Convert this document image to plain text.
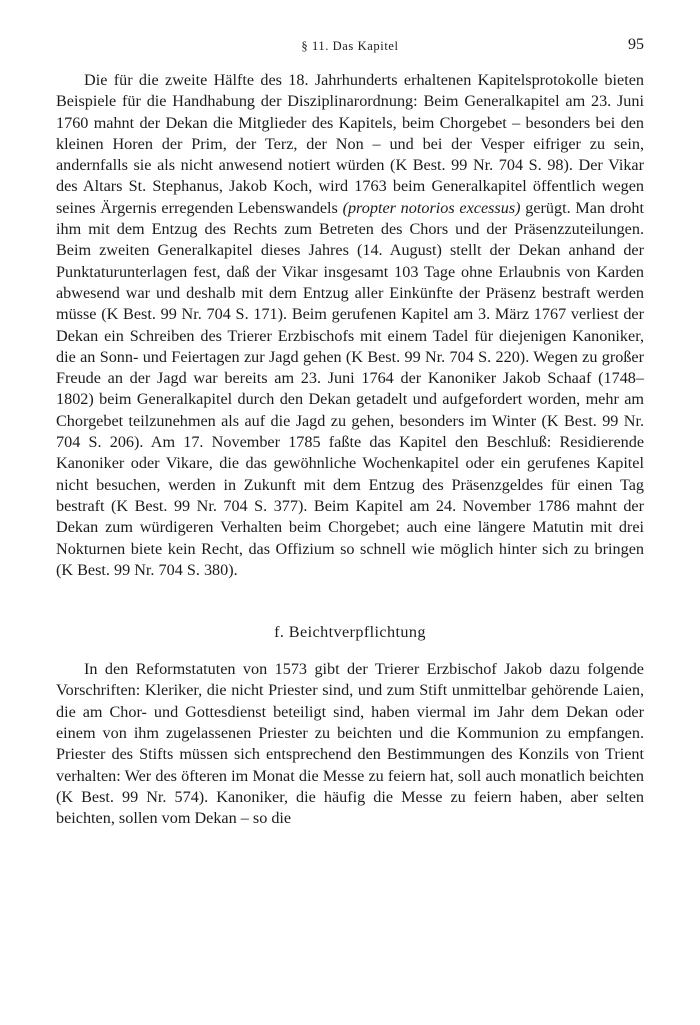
§ 11. Das Kapitel	95

Die für die zweite Hälfte des 18. Jahrhunderts erhaltenen Kapitelsprotokolle bieten Beispiele für die Handhabung der Disziplinarordnung: Beim Generalkapitel am 23. Juni 1760 mahnt der Dekan die Mitglieder des Kapitels, beim Chorgebet – besonders bei den kleinen Horen der Prim, der Terz, der Non – und bei der Vesper eifriger zu sein, andernfalls sie als nicht anwesend notiert würden (K Best. 99 Nr. 704 S. 98). Der Vikar des Altars St. Stephanus, Jakob Koch, wird 1763 beim Generalkapitel öffentlich wegen seines Ärgernis erregenden Lebenswandels (propter notorios excessus) gerügt. Man droht ihm mit dem Entzug des Rechts zum Betreten des Chors und der Präsenzzuteilungen. Beim zweiten Generalkapitel dieses Jahres (14. August) stellt der Dekan anhand der Punktaturunterlagen fest, daß der Vikar insgesamt 103 Tage ohne Erlaubnis von Karden abwesend war und deshalb mit dem Entzug aller Einkünfte der Präsenz bestraft werden müsse (K Best. 99 Nr. 704 S. 171). Beim gerufenen Kapitel am 3. März 1767 verliest der Dekan ein Schreiben des Trierer Erzbischofs mit einem Tadel für diejenigen Kanoniker, die an Sonn- und Feiertagen zur Jagd gehen (K Best. 99 Nr. 704 S. 220). Wegen zu großer Freude an der Jagd war bereits am 23. Juni 1764 der Kanoniker Jakob Schaaf (1748–1802) beim Generalkapitel durch den Dekan getadelt und aufgefordert worden, mehr am Chorgebet teilzunehmen als auf die Jagd zu gehen, besonders im Winter (K Best. 99 Nr. 704 S. 206). Am 17. November 1785 faßte das Kapitel den Beschluß: Residierende Kanoniker oder Vikare, die das gewöhnliche Wochenkapitel oder ein gerufenes Kapitel nicht besuchen, werden in Zukunft mit dem Entzug des Präsenzgeldes für einen Tag bestraft (K Best. 99 Nr. 704 S. 377). Beim Kapitel am 24. November 1786 mahnt der Dekan zum würdigeren Verhalten beim Chorgebet; auch eine längere Matutin mit drei Nokturnen biete kein Recht, das Offizium so schnell wie möglich hinter sich zu bringen (K Best. 99 Nr. 704 S. 380).

f. Beichtverpflichtung

In den Reformstatuten von 1573 gibt der Trierer Erzbischof Jakob dazu folgende Vorschriften: Kleriker, die nicht Priester sind, und zum Stift unmittelbar gehörende Laien, die am Chor- und Gottesdienst beteiligt sind, haben viermal im Jahr dem Dekan oder einem von ihm zugelassenen Priester zu beichten und die Kommunion zu empfangen. Priester des Stifts müssen sich entsprechend den Bestimmungen des Konzils von Trient verhalten: Wer des öfteren im Monat die Messe zu feiern hat, soll auch monatlich beichten (K Best. 99 Nr. 574). Kanoniker, die häufig die Messe zu feiern haben, aber selten beichten, sollen vom Dekan – so die
